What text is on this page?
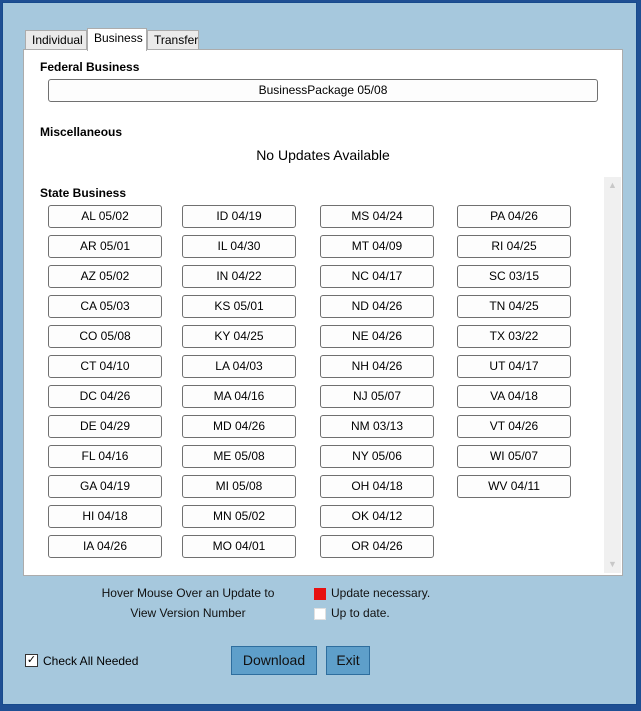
Individual Business Transfer
Federal Business
BusinessPackage 05/08
Miscellaneous
No Updates Available
State Business
AL 05/02
AR 05/01
AZ 05/02
CA 05/03
CO 05/08
CT 04/10
DC 04/26
DE 04/29
FL 04/16
GA 04/19
HI 04/18
IA 04/26
ID 04/19
IL 04/30
IN 04/22
KS 05/01
KY 04/25
LA 04/03
MA 04/16
MD 04/26
ME 05/08
MI 05/08
MN 05/02
MO 04/01
MS 04/24
MT 04/09
NC 04/17
ND 04/26
NE 04/26
NH 04/26
NJ 05/07
NM 03/13
NY 05/06
OH 04/18
OK 04/12
OR 04/26
PA 04/26
RI 04/25
SC 03/15
TN 04/25
TX 03/22
UT 04/17
VA 04/18
VT 04/26
WI 05/07
WV 04/11
▲
▼
Hover Mouse Over an Update to
View Version Number
Update necessary.
Up to date.
✓ Check All Needed	Download	Exit
